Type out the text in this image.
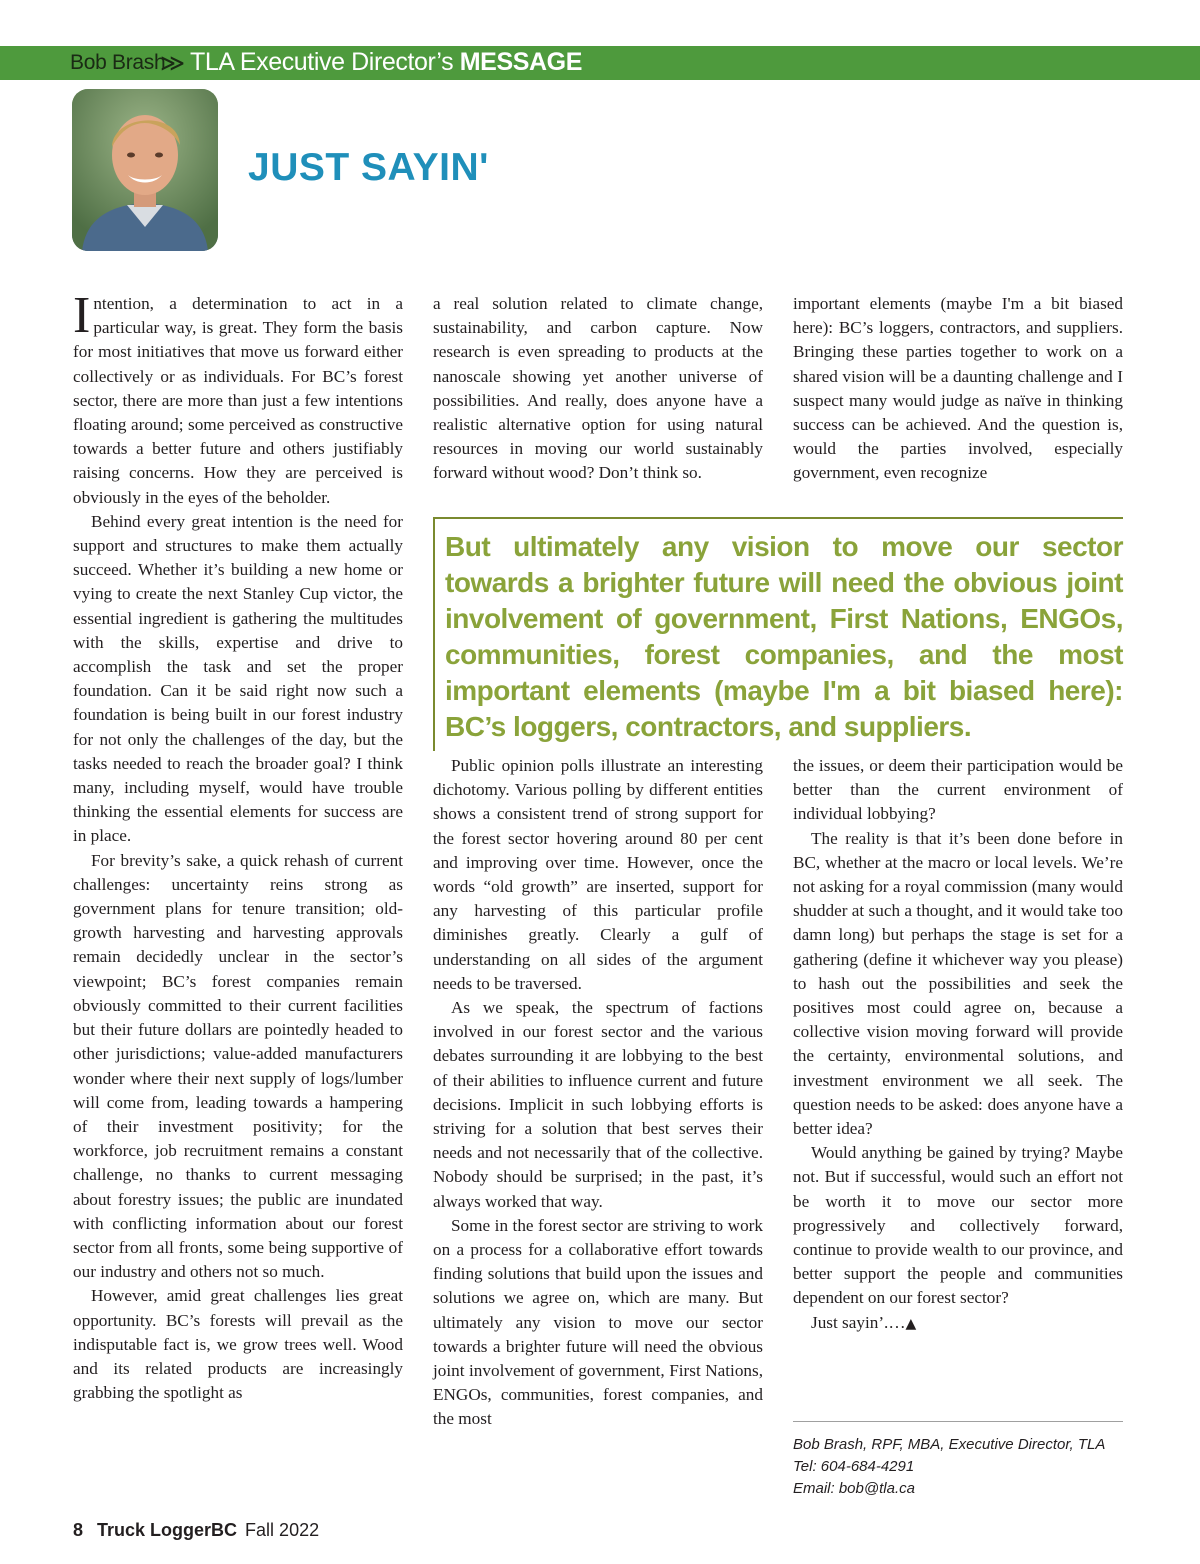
Bob Brash
≫ TLA Executive Director’s MESSAGE
JUST SAYIN'

Intention, a determination to act in a particular way, is great. They form the basis for most initiatives that move us forward either collectively or as individuals. For BC’s forest sector, there are more than just a few intentions floating around; some perceived as constructive towards a better future and others justifiably raising concerns. How they are perceived is obviously in the eyes of the beholder.

Behind every great intention is the need for support and structures to make them actually succeed. Whether it’s building a new home or vying to create the next Stanley Cup victor, the essential ingredient is gathering the multitudes with the skills, expertise and drive to accomplish the task and set the proper foundation. Can it be said right now such a foundation is being built in our forest industry for not only the challenges of the day, but the tasks needed to reach the broader goal? I think many, including myself, would have trouble thinking the essential elements for success are in place.

For brevity’s sake, a quick rehash of current challenges: uncertainty reins strong as government plans for tenure transition; old-growth harvesting and harvesting approvals remain decidedly unclear in the sector’s viewpoint; BC’s forest companies remain obviously committed to their current facilities but their future dollars are pointedly headed to other jurisdictions; value-added manufacturers wonder where their next supply of logs/lumber will come from, leading towards a hampering of their investment positivity; for the workforce, job recruitment remains a constant challenge, no thanks to current messaging about forestry issues; the public are inundated with conflicting information about our forest sector from all fronts, some being supportive of our industry and others not so much.

However, amid great challenges lies great opportunity. BC’s forests will prevail as the indisputable fact is, we grow trees well. Wood and its related products are increasingly grabbing the spotlight as

a real solution related to climate change, sustainability, and carbon capture. Now research is even spreading to products at the nanoscale showing yet another universe of possibilities. And really, does anyone have a realistic alternative option for using natural resources in moving our world sustainably forward without wood? Don’t think so.

important elements (maybe I'm a bit biased here): BC’s loggers, contractors, and suppliers. Bringing these parties together to work on a shared vision will be a daunting challenge and I suspect many would judge as naïve in thinking success can be achieved. And the question is, would the parties involved, especially government, even recognize

But ultimately any vision to move our sector towards a brighter future will need the obvious joint involvement of government, First Nations, ENGOs, communities, forest companies, and the most important elements (maybe I'm a bit biased here): BC’s loggers, contractors, and suppliers.

Public opinion polls illustrate an interesting dichotomy. Various polling by different entities shows a consistent trend of strong support for the forest sector hovering around 80 per cent and improving over time. However, once the words “old growth” are inserted, support for any harvesting of this particular profile diminishes greatly. Clearly a gulf of understanding on all sides of the argument needs to be traversed.

As we speak, the spectrum of factions involved in our forest sector and the various debates surrounding it are lobbying to the best of their abilities to influence current and future decisions. Implicit in such lobbying efforts is striving for a solution that best serves their needs and not necessarily that of the collective. Nobody should be surprised; in the past, it’s always worked that way.

Some in the forest sector are striving to work on a process for a collaborative effort towards finding solutions that build upon the issues and solutions we agree on, which are many. But ultimately any vision to move our sector towards a brighter future will need the obvious joint involvement of government, First Nations, ENGOs, communities, forest companies, and the most

the issues, or deem their participation would be better than the current environment of individual lobbying?

The reality is that it’s been done before in BC, whether at the macro or local levels. We’re not asking for a royal commission (many would shudder at such a thought, and it would take too damn long) but perhaps the stage is set for a gathering (define it whichever way you please) to hash out the possibilities and seek the positives most could agree on, because a collective vision moving forward will provide the certainty, environmental solutions, and investment environment we all seek. The question needs to be asked: does anyone have a better idea?

Would anything be gained by trying? Maybe not. But if successful, would such an effort not be worth it to move our sector more progressively and collectively forward, continue to provide wealth to our province, and better support the people and communities dependent on our forest sector?

Just sayin’.…▲

Bob Brash, RPF, MBA, Executive Director, TLA
Tel: 604-684-4291
Email: bob@tla.ca
8 Truck LoggerBC Fall 2022
